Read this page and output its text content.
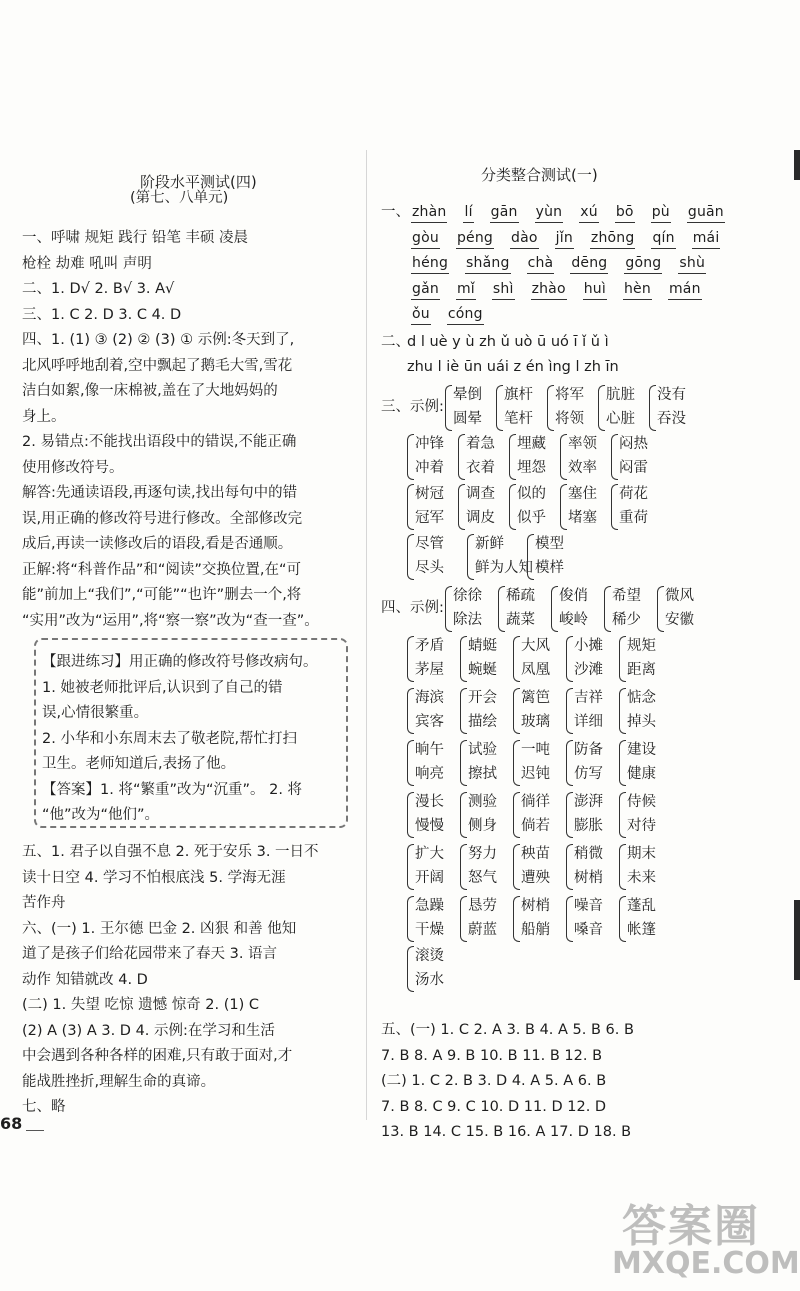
阶段水平测试(四)
(第七、八单元)
一、呼啸 规矩 践行 铅笔 丰硕 凌晨
枪栓 劫难 吼叫 声明
二、1. D√ 2. B√ 3. A√
三、1. C 2. D 3. C 4. D
四、1. (1) ③ (2) ② (3) ① 示例:冬天到了,
北风呼呼地刮着,空中飘起了鹅毛大雪,雪花
洁白如絮,像一床棉被,盖在了大地妈妈的
身上。
2. 易错点:不能找出语段中的错误,不能正确
使用修改符号。
解答:先通读语段,再逐句读,找出每句中的错
误,用正确的修改符号进行修改。全部修改完
成后,再读一读修改后的语段,看是否通顺。
正解:将“科普作品”和“阅读”交换位置,在“可
能”前加上“我们”,“可能”“也许”删去一个,将
“实用”改为“运用”,将“察一察”改为“查一查”。
【跟进练习】用正确的修改符号修改病句。
1. 她被老师批评后,认识到了自己的错
误,心情很繁重。
2. 小华和小东周末去了敬老院,帮忙打扫
卫生。老师知道后,表扬了他。
【答案】1. 将“繁重”改为“沉重”。 2. 将
“他”改为“他们”。
五、1. 君子以自强不息 2. 死于安乐 3. 一日不
读十日空 4. 学习不怕根底浅 5. 学海无涯
苦作舟
六、(一) 1. 王尔德 巴金 2. 凶狠 和善 他知
道了是孩子们给花园带来了春天 3. 语言
动作 知错就改 4. D
(二) 1. 失望 吃惊 遗憾 惊奇 2. (1) C
(2) A (3) A 3. D 4. 示例:在学习和生活
中会遇到各种各样的困难,只有敢于面对,才
能战胜挫折,理解生命的真谛。
七、略
68
分类整合测试(一)
一、 zhàn lí gān yùn xú bō pù guān
gòu péng dào jǐn zhōng qín mái
héng shǎng chà dēng gōng shù
gǎn mǐ shì zhào huì hèn mán
ǒu cóng
二、
d l uè y ù zh ǔ uò ū uó ī ǐ ǔ ì
zhu l iè ūn uái z én ìng l zh īn
三、示例:
晕倒
圆晕
旗杆
笔杆
将军
将领
肮脏
心脏
没有
吞没
冲锋
冲着
着急
衣着
埋藏
埋怨
率领
效率
闷热
闷雷
树冠
冠军
调查
调皮
似的
似乎
塞住
堵塞
荷花
重荷
尽管
尽头
新鲜
鲜为人知
模型
模样
四、示例:
徐徐
除法
稀疏
蔬菜
俊俏
峻岭
希望
稀少
微风
安徽
矛盾
茅屋
蜻蜓
蜿蜒
大风
凤凰
小摊
沙滩
规矩
距离
海滨
宾客
开会
描绘
篱笆
玻璃
吉祥
详细
惦念
掉头
晌午
响亮
试验
擦拭
一吨
迟钝
防备
仿写
建设
健康
漫长
慢慢
测验
侧身
徜徉
倘若
澎湃
膨胀
侍候
对待
扩大
开阔
努力
怒气
秧苗
遭殃
稍微
树梢
期末
未来
急躁
干燥
恳劳
蔚蓝
树梢
船艄
噪音
嗓音
蓬乱
帐篷
滚烫
汤水
五、(一) 1. C 2. A 3. B 4. A 5. B 6. B
7. B 8. A 9. B 10. B 11. B 12. B
(二) 1. C 2. B 3. D 4. A 5. A 6. B
7. B 8. C 9. C 10. D 11. D 12. D
13. B 14. C 15. B 16. A 17. D 18. B
答案圈
MXQE.COM
